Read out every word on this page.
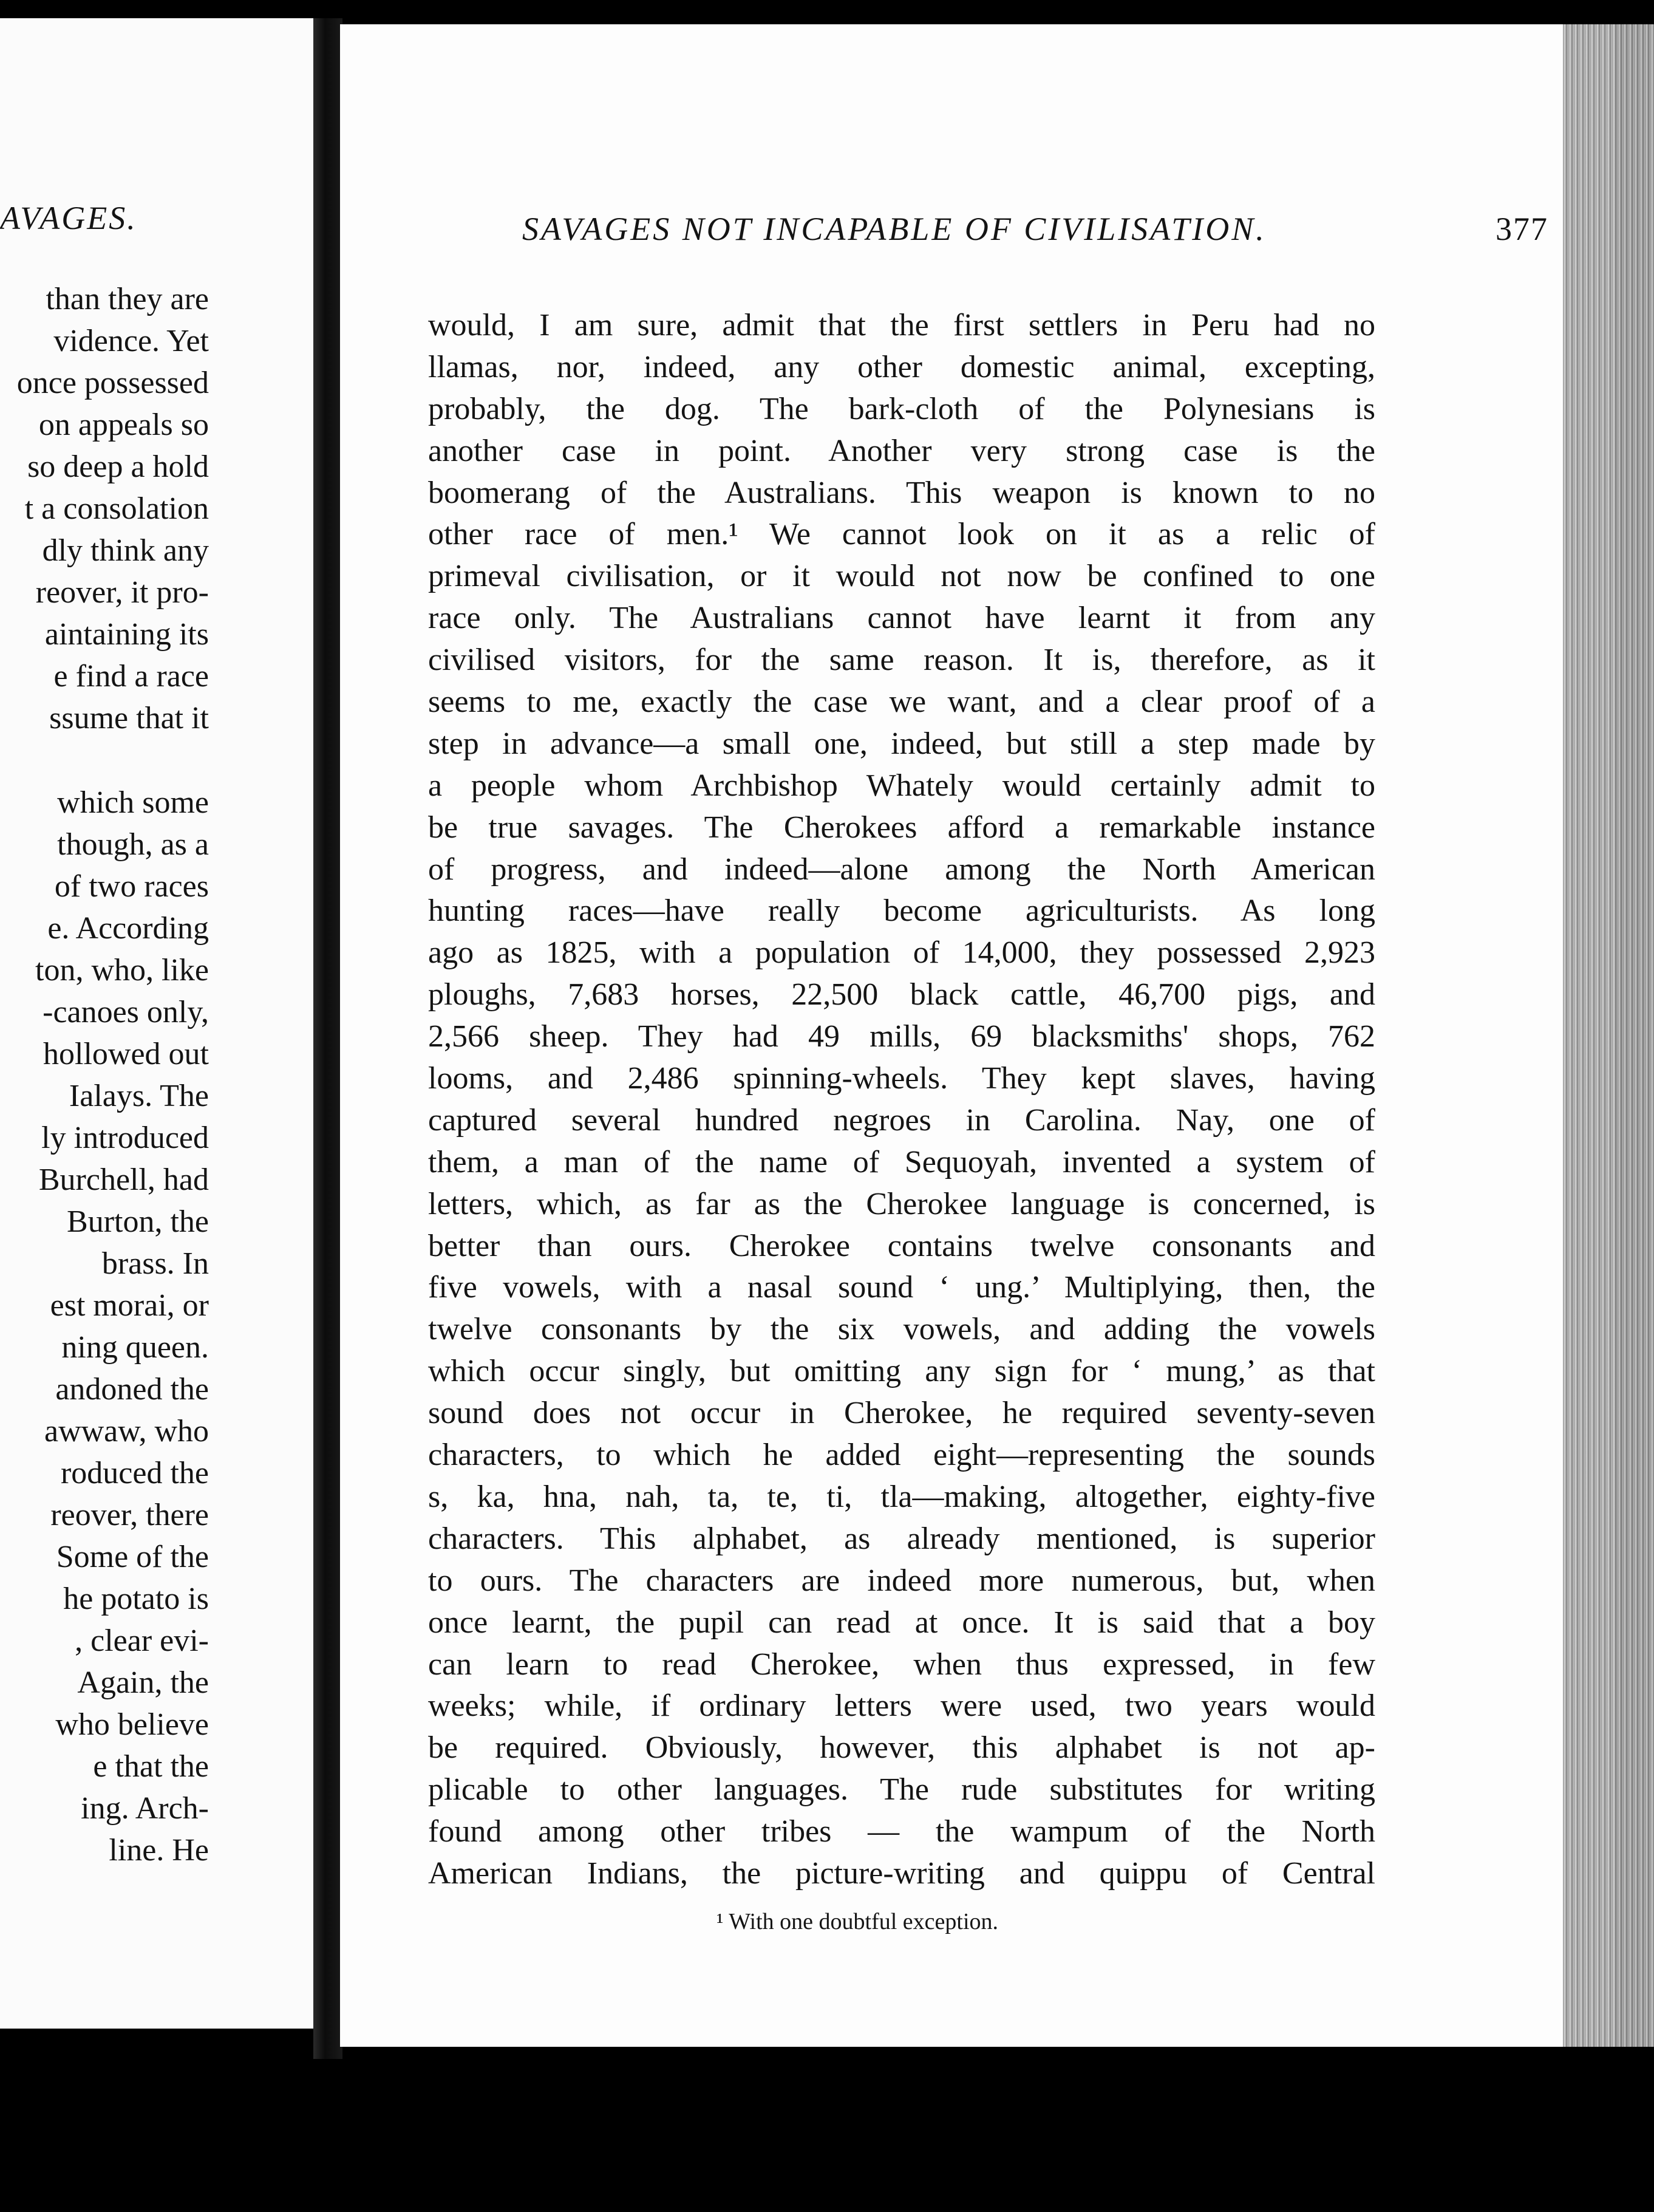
AVAGES.
than they are
vidence. Yet
once possessed
on appeals so
so deep a hold
t a consolation
dly think any
reover, it pro-
aintaining its
e find a race
ssume that it
which some
though, as a
of two races
e. According
ton, who, like
-canoes only,
hollowed out
Ialays. The
ly introduced
Burchell, had
Burton, the
brass. In
est morai, or
ning queen.
andoned the
awwaw, who
roduced the
reover, there
Some of the
he potato is
, clear evi-
Again, the
who believe
e that the
ing. Arch-
line. He
SAVAGES NOT INCAPABLE OF CIVILISATION.	377
would, I am sure, admit that the first settlers in Peru had no
llamas, nor, indeed, any other domestic animal, excepting,
probably, the dog. The bark-cloth of the Polynesians is
another case in point. Another very strong case is the
boomerang of the Australians. This weapon is known to no
other race of men.¹ We cannot look on it as a relic of
primeval civilisation, or it would not now be confined to one
race only. The Australians cannot have learnt it from any
civilised visitors, for the same reason. It is, therefore, as it
seems to me, exactly the case we want, and a clear proof of a
step in advance—a small one, indeed, but still a step made by
a people whom Archbishop Whately would certainly admit to
be true savages. The Cherokees afford a remarkable instance
of progress, and indeed—alone among the North American
hunting races—have really become agriculturists. As long
ago as 1825, with a population of 14,000, they possessed 2,923
ploughs, 7,683 horses, 22,500 black cattle, 46,700 pigs, and
2,566 sheep. They had 49 mills, 69 blacksmiths' shops, 762
looms, and 2,486 spinning-wheels. They kept slaves, having
captured several hundred negroes in Carolina. Nay, one of
them, a man of the name of Sequoyah, invented a system of
letters, which, as far as the Cherokee language is concerned, is
better than ours. Cherokee contains twelve consonants and
five vowels, with a nasal sound ‘ ung.’ Multiplying, then, the
twelve consonants by the six vowels, and adding the vowels
which occur singly, but omitting any sign for ‘ mung,’ as that
sound does not occur in Cherokee, he required seventy-seven
characters, to which he added eight—representing the sounds
s, ka, hna, nah, ta, te, ti, tla—making, altogether, eighty-five
characters. This alphabet, as already mentioned, is superior
to ours. The characters are indeed more numerous, but, when
once learnt, the pupil can read at once. It is said that a boy
can learn to read Cherokee, when thus expressed, in few
weeks; while, if ordinary letters were used, two years would
be required. Obviously, however, this alphabet is not ap-
plicable to other languages. The rude substitutes for writing
found among other tribes — the wampum of the North
American Indians, the picture-writing and quippu of Central
¹ With one doubtful exception.
